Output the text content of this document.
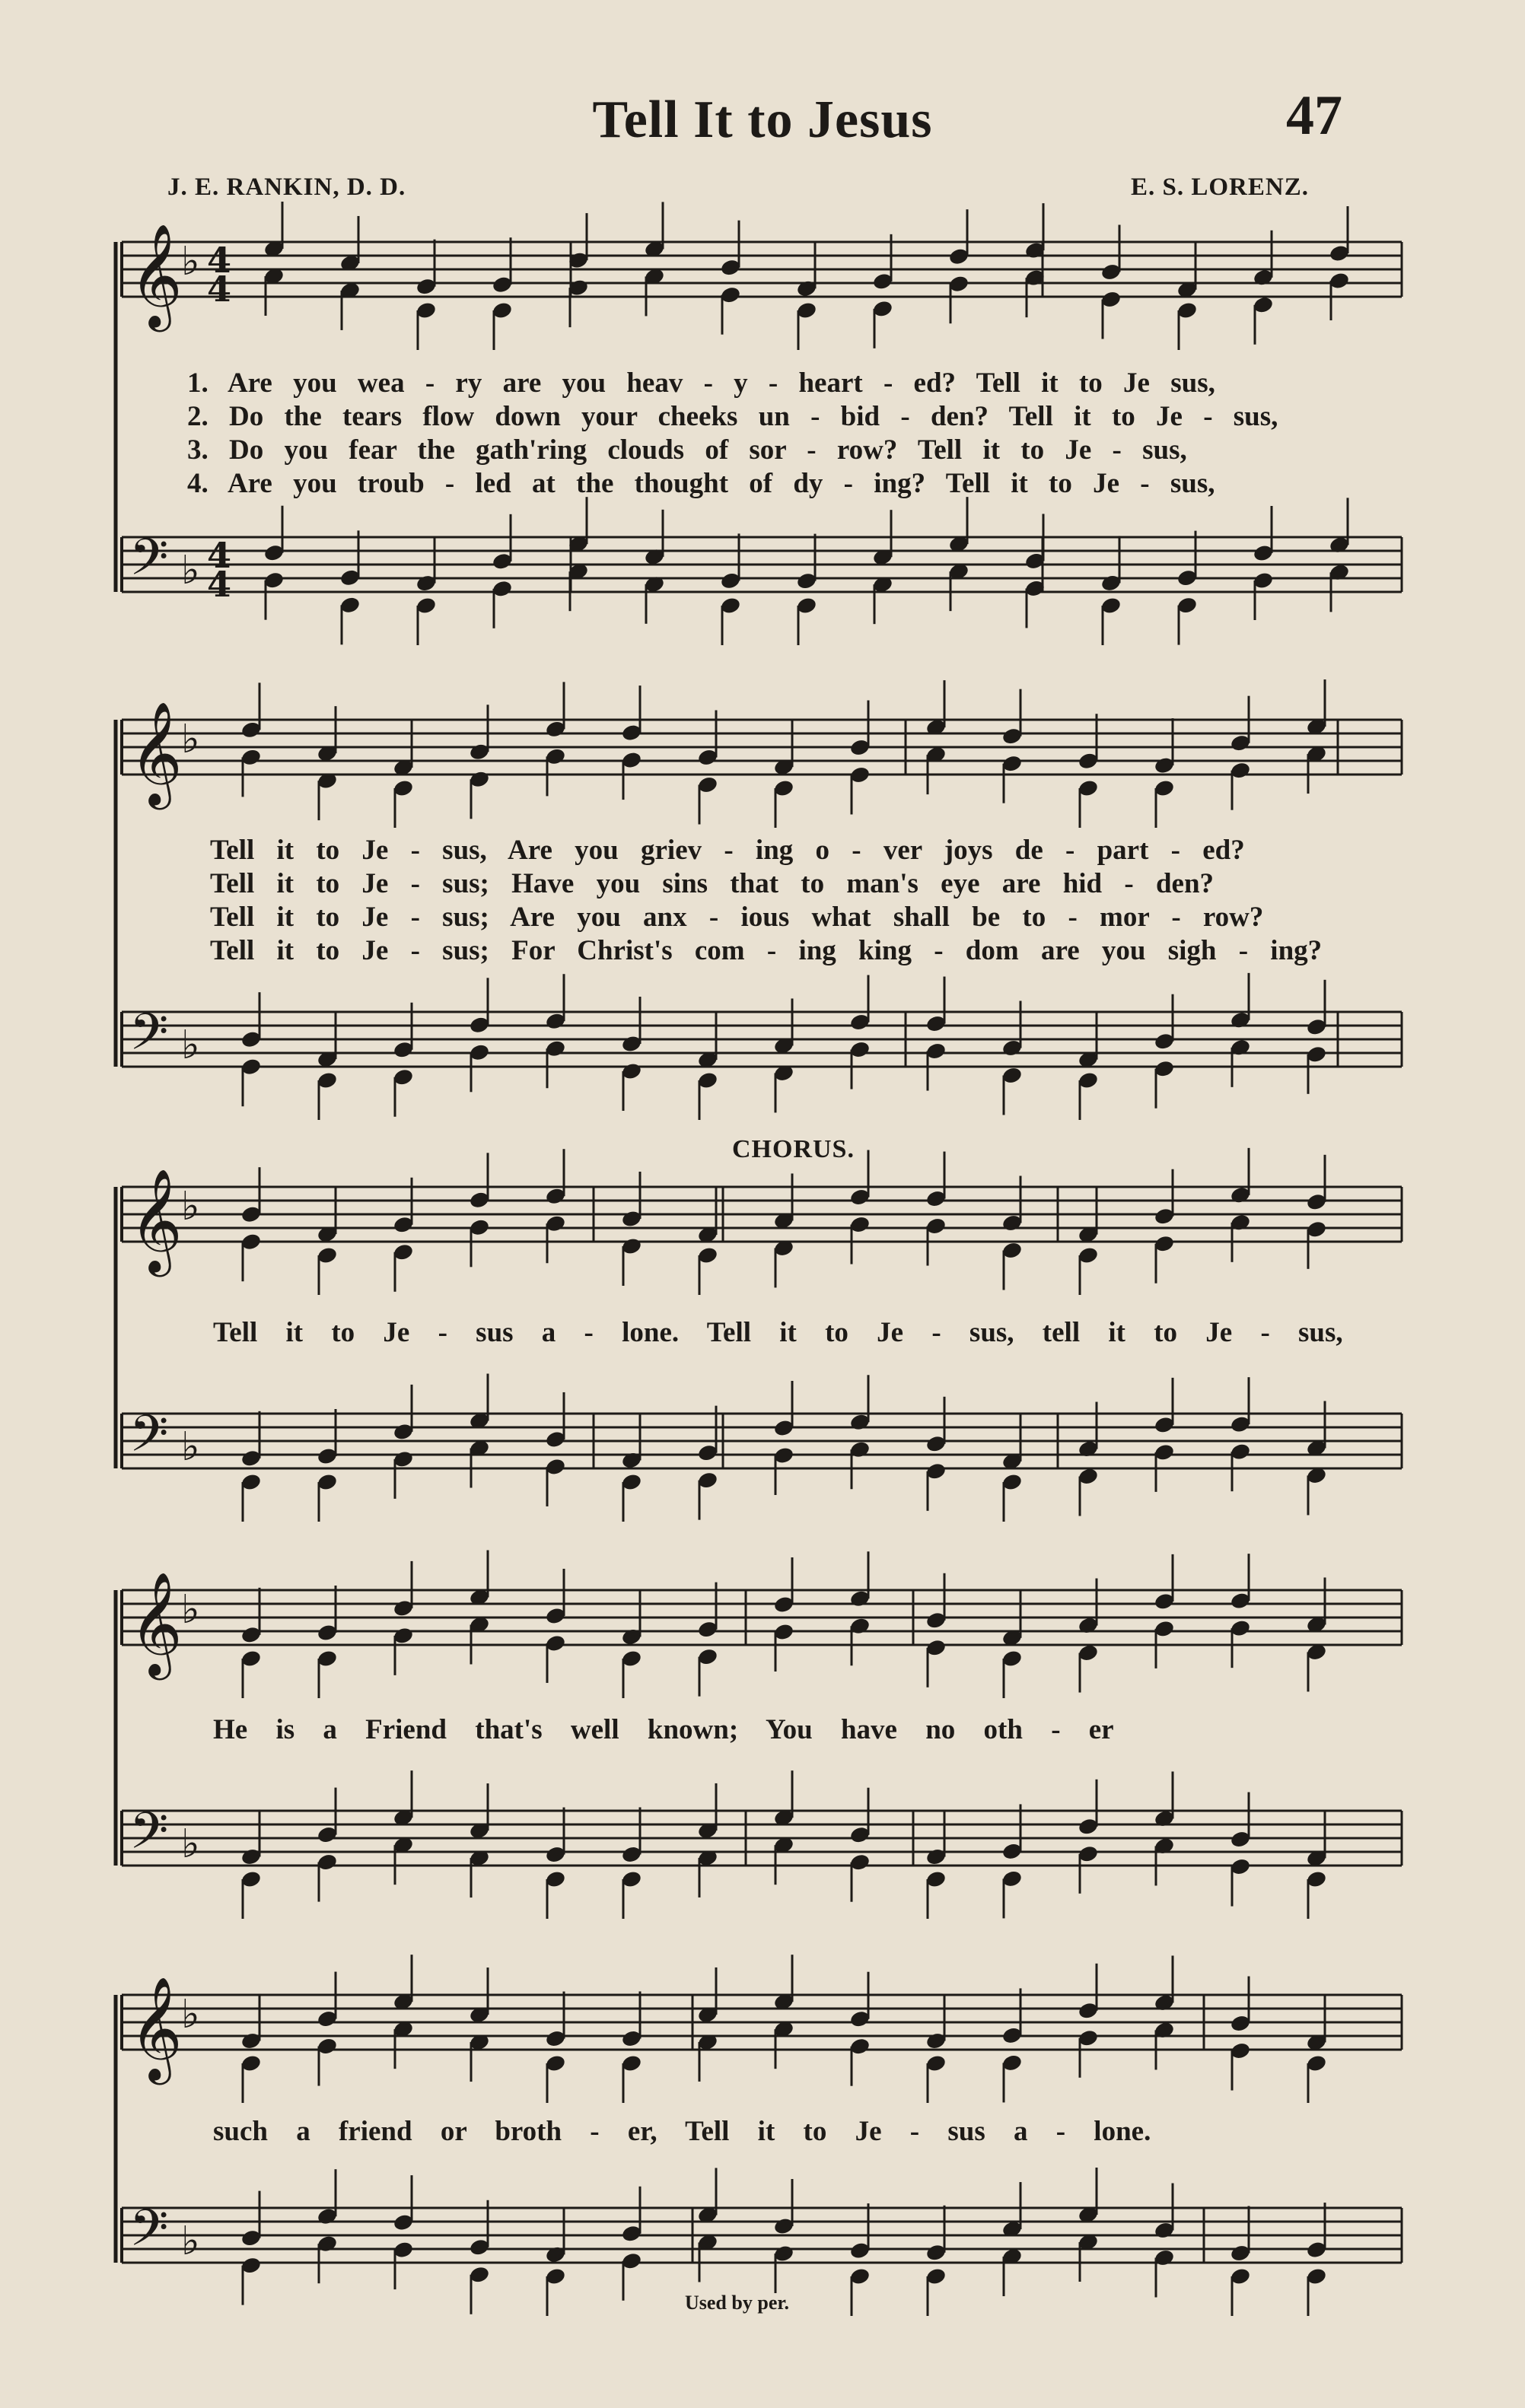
Tell It to Jesus	47
J. E. RANKIN, D. D.	E. S. LORENZ.
CHORUS.
𝄞
♭ 4
4
𝄢 ♭ 4
4
𝄞
♭
𝄢 ♭
𝄞
♭
𝄢 ♭
𝄞
♭
𝄢 ♭
𝄞
♭
𝄢 ♭
1. Are you wea - ry are you heav - y - heart - ed? Tell it to Je sus,
2. Do the tears flow down your cheeks un - bid - den? Tell it to Je - sus,
3. Do you fear the gath'ring clouds of sor - row? Tell it to Je - sus,
4. Are you troub - led at the thought of dy - ing? Tell it to Je - sus,
Tell it to Je - sus, Are you griev - ing o - ver joys de - part - ed?
Tell it to Je - sus; Have you sins that to man's eye are hid - den?
Tell it to Je - sus; Are you anx - ious what shall be to - mor - row?
Tell it to Je - sus; For Christ's com - ing king - dom are you sigh - ing?
Tell it to Je - sus a - lone. Tell it to Je - sus, tell it to Je - sus,
He is a Friend that's well known; You have no oth - er
such a friend or broth - er, Tell it to Je - sus a - lone.
Used by per.
